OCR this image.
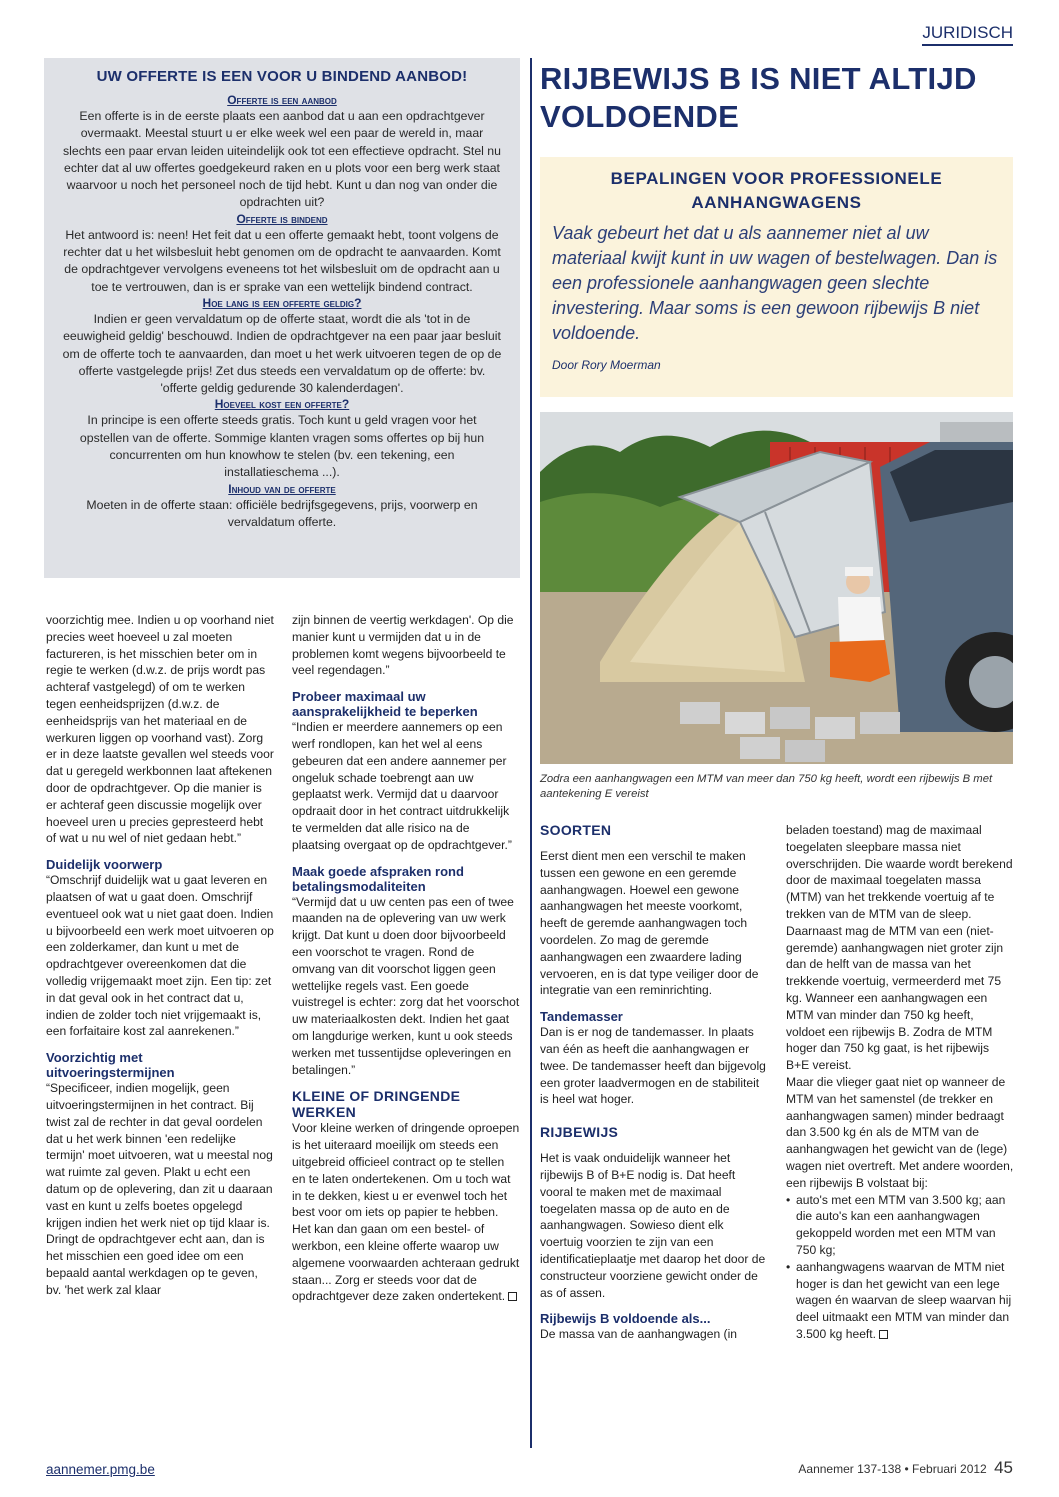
JURIDISCH
UW OFFERTE IS EEN VOOR U BINDEND AANBOD!
Offerte is een aanbod

Een offerte is in de eerste plaats een aanbod dat u aan een opdrachtgever overmaakt. Meestal stuurt u er elke week wel een paar de wereld in, maar slechts een paar ervan leiden uiteindelijk ook tot een effectieve opdracht. Stel nu echter dat al uw offertes goedgekeurd raken en u plots voor een berg werk staat waarvoor u noch het personeel noch de tijd hebt. Kunt u dan nog van onder die opdrachten uit?

Offerte is bindend

Het antwoord is: neen! Het feit dat u een offerte gemaakt hebt, toont volgens de rechter dat u het wilsbesluit hebt genomen om de opdracht te aanvaarden. Komt de opdrachtgever vervolgens eveneens tot het wilsbesluit om de opdracht aan u toe te vertrouwen, dan is er sprake van een wettelijk bindend contract.

Hoe lang is een offerte geldig?

Indien er geen vervaldatum op de offerte staat, wordt die als 'tot in de eeuwigheid geldig' beschouwd. Indien de opdrachtgever na een paar jaar besluit om de offerte toch te aanvaarden, dan moet u het werk uitvoeren tegen de op de offerte vastgelegde prijs! Zet dus steeds een vervaldatum op de offerte: bv. 'offerte geldig gedurende 30 kalenderdagen'.

Hoeveel kost een offerte?

In principe is een offerte steeds gratis. Toch kunt u geld vragen voor het opstellen van de offerte. Sommige klanten vragen soms offertes op bij hun concurrenten om hun knowhow te stelen (bv. een tekening, een installatieschema ...).

Inhoud van de offerte

Moeten in de offerte staan: officiële bedrijfsgegevens, prijs, voorwerp en vervaldatum offerte.

RIJBEWIJS B IS NIET ALTIJD VOLDOENDE
BEPALINGEN VOOR PROFESSIONELE AANHANGWAGENS
Vaak gebeurt het dat u als aannemer niet al uw materiaal kwijt kunt in uw wagen of bestelwagen. Dan is een professionele aanhangwagen geen slechte investering. Maar soms is een gewoon rijbewijs B niet voldoende.
Door Rory Moerman
Zodra een aanhangwagen een MTM van meer dan 750 kg heeft, wordt een rijbewijs B met aantekening E vereist

voorzichtig mee. Indien u op voorhand niet precies weet hoeveel u zal moeten factureren, is het misschien beter om in regie te werken (d.w.z. de prijs wordt pas achteraf vastgelegd) of om te werken tegen eenheidsprijzen (d.w.z. de eenheidsprijs van het materiaal en de werkuren liggen op voorhand vast). Zorg er in deze laatste gevallen wel steeds voor dat u geregeld werkbonnen laat aftekenen door de opdrachtgever. Op die manier is er achteraf geen discussie mogelijk over hoeveel uren u precies gepresteerd hebt of wat u nu wel of niet gedaan hebt.”

Duidelijk voorwerp

“Omschrijf duidelijk wat u gaat leveren en plaatsen of wat u gaat doen. Omschrijf eventueel ook wat u niet gaat doen. Indien u bijvoorbeeld een werk moet uitvoeren op een zolderkamer, dan kunt u met de opdrachtgever overeenkomen dat die volledig vrijgemaakt moet zijn. Een tip: zet in dat geval ook in het contract dat u, indien de zolder toch niet vrijgemaakt is, een forfaitaire kost zal aanrekenen.”

Voorzichtig met uitvoeringstermijnen

“Specificeer, indien mogelijk, geen uitvoeringstermijnen in het contract. Bij twist zal de rechter in dat geval oordelen dat u het werk binnen 'een redelijke termijn' moet uitvoeren, wat u meestal nog wat ruimte zal geven. Plakt u echt een datum op de oplevering, dan zit u daaraan vast en kunt u zelfs boetes opgelegd krijgen indien het werk niet op tijd klaar is. Dringt de opdrachtgever echt aan, dan is het misschien een goed idee om een bepaald aantal werkdagen op te geven, bv. 'het werk zal klaar

zijn binnen de veertig werkdagen'. Op die manier kunt u vermijden dat u in de problemen komt wegens bijvoorbeeld te veel regendagen.”

Probeer maximaal uw aansprakelijkheid te beperken

“Indien er meerdere aannemers op een werf rondlopen, kan het wel al eens gebeuren dat een andere aannemer per ongeluk schade toebrengt aan uw geplaatst werk. Vermijd dat u daarvoor opdraait door in het contract uitdrukkelijk te vermelden dat alle risico na de plaatsing overgaat op de opdrachtgever.”

Maak goede afspraken rond betalingsmodaliteiten

“Vermijd dat u uw centen pas een of twee maanden na de oplevering van uw werk krijgt. Dat kunt u doen door bijvoorbeeld een voorschot te vragen. Rond de omvang van dit voorschot liggen geen wettelijke regels vast. Een goede vuistregel is echter: zorg dat het voorschot uw materiaalkosten dekt. Indien het gaat om langdurige werken, kunt u ook steeds werken met tussentijdse opleveringen en betalingen.”

KLEINE OF DRINGENDE WERKEN

Voor kleine werken of dringende oproepen is het uiteraard moeilijk om steeds een uitgebreid officieel contract op te stellen en te laten ondertekenen. Om u toch wat in te dekken, kiest u er evenwel toch het best voor om iets op papier te hebben. Het kan dan gaan om een bestel- of werkbon, een kleine offerte waarop uw algemene voorwaarden achteraan gedrukt staan... Zorg er steeds voor dat de opdrachtgever deze zaken ondertekent.

SOORTEN

Eerst dient men een verschil te maken tussen een gewone en een geremde aanhangwagen. Hoewel een gewone aanhangwagen het meeste voorkomt, heeft de geremde aanhangwagen toch voordelen. Zo mag de geremde aanhangwagen een zwaardere lading vervoeren, en is dat type veiliger door de integratie van een reminrichting.

Tandemasser

Dan is er nog de tandemasser. In plaats van één as heeft die aanhangwagen er twee. De tandemasser heeft dan bijgevolg een groter laadvermogen en de stabiliteit is heel wat hoger.

RIJBEWIJS

Het is vaak onduidelijk wanneer het rijbewijs B of B+E nodig is. Dat heeft vooral te maken met de maximaal toegelaten massa op de auto en de aanhangwagen. Sowieso dient elk voertuig voorzien te zijn van een identificatieplaatje met daarop het door de constructeur voorziene gewicht onder de as of assen.

Rijbewijs B voldoende als...

De massa van de aanhangwagen (in

beladen toestand) mag de maximaal toegelaten sleepbare massa niet overschrijden. Die waarde wordt berekend door de maximaal toegelaten massa (MTM) van het trekkende voertuig af te trekken van de MTM van de sleep.

Daarnaast mag de MTM van een (niet-geremde) aanhangwagen niet groter zijn dan de helft van de massa van het trekkende voertuig, vermeerderd met 75 kg. Wanneer een aanhangwagen een MTM van minder dan 750 kg heeft, voldoet een rijbewijs B. Zodra de MTM hoger dan 750 kg gaat, is het rijbewijs B+E vereist.

Maar die vlieger gaat niet op wanneer de MTM van het samenstel (de trekker en aanhangwagen samen) minder bedraagt dan 3.500 kg én als de MTM van de aanhangwagen het gewicht van de (lege) wagen niet overtreft. Met andere woorden, een rijbewijs B volstaat bij:

• auto's met een MTM van 3.500 kg; aan die auto's kan een aanhangwagen gekoppeld worden met een MTM van 750 kg;
• aanhangwagens waarvan de MTM niet hoger is dan het gewicht van een lege wagen én waarvan de sleep waarvan hij deel uitmaakt een MTM van minder dan 3.500 kg heeft.
aannemer.pmg.be	Aannemer 137-138 • Februari 2012 45
